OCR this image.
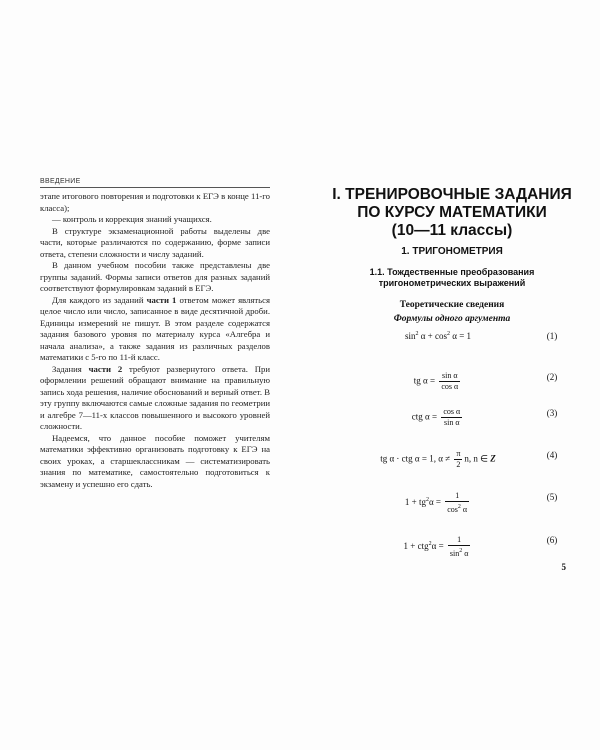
ВВЕДЕНИЕ

этапе итогового повторения и подготовки к ЕГЭ в конце 11-го класса);

— контроль и коррекция знаний учащихся.

В структуре экзаменационной работы выделены две части, которые различаются по содержанию, форме записи ответа, степени сложности и числу заданий.

В данном учебном пособии также представлены две группы заданий. Формы записи ответов для разных заданий соответствуют формулировкам заданий в ЕГЭ.

Для каждого из заданий части 1 ответом может являться целое число или число, записанное в виде десятичной дроби. Единицы измерений не пишут. В этом разделе содержатся задания базового уровня по материалу курса «Алгебра и начала анализа», а также задания из различных разделов математики с 5-го по 11-й класс.

Задания части 2 требуют развернутого ответа. При оформлении решений обращают внимание на правильную запись хода решения, наличие обоснований и верный ответ. В эту группу включаются самые сложные задания по геометрии и алгебре 7—11-х классов повышенного и высокого уровней сложности.

Надеемся, что данное пособие поможет учителям математики эффективно организовать подготовку к ЕГЭ на своих уроках, а старшеклассникам — систематизировать знания по математике, самостоятельно подготовиться к экзамену и успешно его сдать.

I. ТРЕНИРОВОЧНЫЕ ЗАДАНИЯ
ПО КУРСУ МАТЕМАТИКИ
(10—11 классы)
1. ТРИГОНОМЕТРИЯ
1.1. Тождественные преобразования
тригонометрических выражений
Теоретические сведения
Формулы одного аргумента
$\sin^2 \alpha + \cos^2 \alpha = 1$	(1)
tg $\alpha = \frac{\text{sin α}}{\text{cos α}}$	(2)
ctg $\alpha = \frac{\text{cos α}}{\text{sin α}}$	(3)
tg α · ctg α = 1, $\alpha \ne \frac{\pi}{2} n$, n ∈ Z	(4)
$1 + tg^2\alpha = \frac{1}{\cos^2 \alpha}$	(5)
$1 + ctg^2\alpha = \frac{1}{\sin^2 \alpha}$	(6)
5
